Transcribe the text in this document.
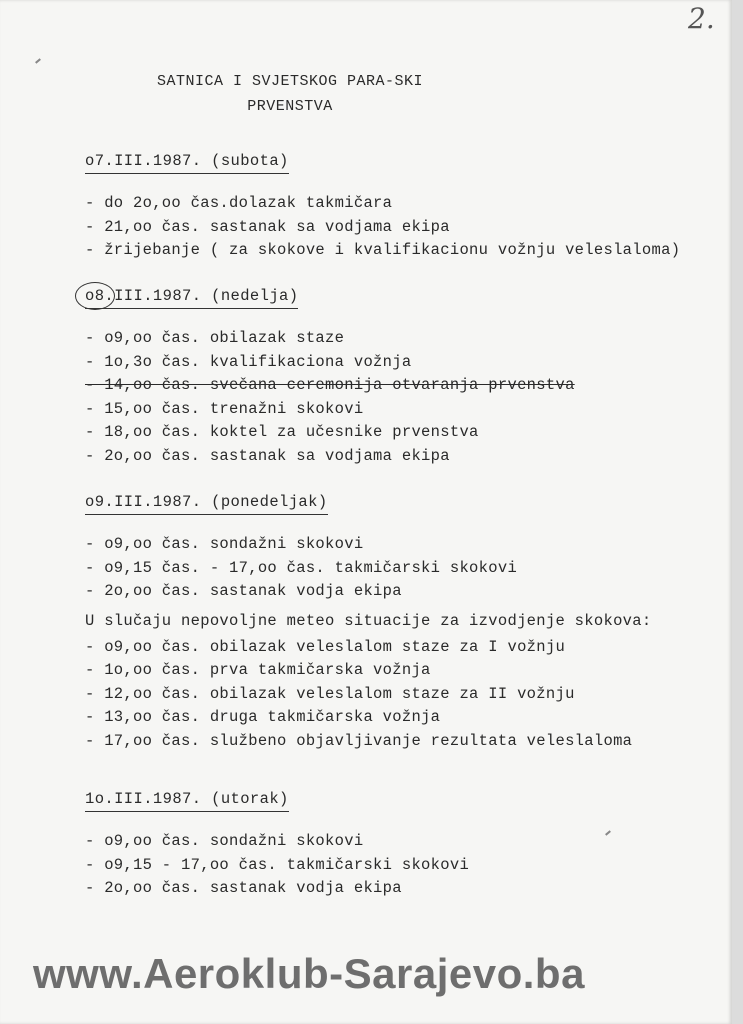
2.
SATNICA I SVJETSKOG PARA-SKI
PRVENSTVA
o7.III.1987. (subota)
- do 2o,oo čas.dolazak takmičara
- 21,oo čas. sastanak sa vodjama ekipa
- žrijebanje ( za skokove i kvalifikacionu vožnju veleslaloma)
o8.III.1987. (nedelja)
- o9,oo čas. obilazak staze
- 1o,3o čas. kvalifikaciona vožnja
- 14,oo čas. svečana ceremonija otvaranja prvenstva
- 15,oo čas. trenažni skokovi
- 18,oo čas. koktel za učesnike prvenstva
- 2o,oo čas. sastanak sa vodjama ekipa
o9.III.1987. (ponedeljak)
- o9,oo čas. sondažni skokovi
- o9,15 čas. - 17,oo čas. takmičarski skokovi
- 2o,oo čas. sastanak vodja ekipa
U slučaju nepovoljne meteo situacije za izvodjenje skokova:
- o9,oo čas. obilazak veleslalom staze za I vožnju
- 1o,oo čas. prva takmičarska vožnja
- 12,oo čas. obilazak veleslalom staze za II vožnju
- 13,oo čas. druga takmičarska vožnja
- 17,oo čas. službeno objavljivanje rezultata veleslaloma
1o.III.1987. (utorak)
- o9,oo čas. sondažni skokovi
- o9,15 - 17,oo čas. takmičarski skokovi
- 2o,oo čas. sastanak vodja ekipa
www.Aeroklub-Sarajevo.ba
